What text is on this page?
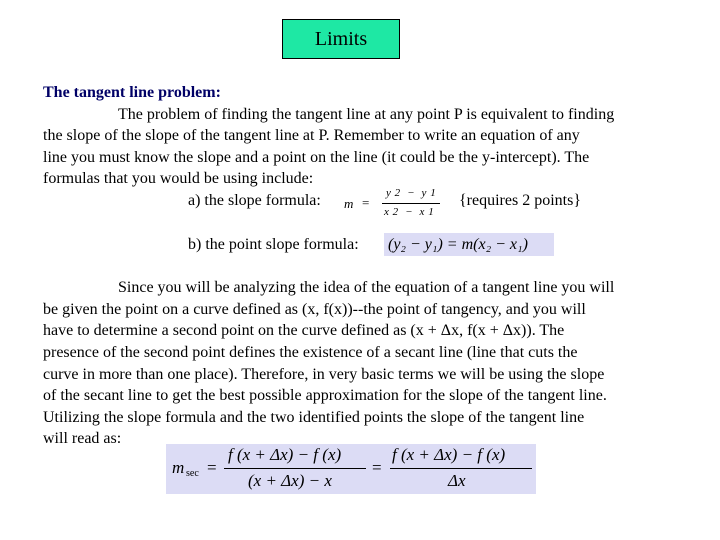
Limits
The tangent line problem:
The problem of finding the tangent line at any point P is equivalent to finding
the slope of the slope of the tangent line at P. Remember to write an equation of any
line you must know the slope and a point on the line (it could be the y-intercept). The
formulas that you would be using include:
a) the slope formula: m =
y 2  −  y 1
x 2  −  x 1
{requires 2 points}
b) the point slope formula: (y₂ − y₁) = m(x₂ − x₁)
Since you will be analyzing the idea of the equation of a tangent line you will
be given the point on a curve defined as (x, f(x))--the point of tangency, and you will
have to determine a second point on the curve defined as (x + Δx, f(x + Δx)). The
presence of the second point defines the existence of a secant line (line that cuts the
curve in more than one place). Therefore, in very basic terms we will be using the slope
of the secant line to get the best possible approximation for the slope of the tangent line.
Utilizing the slope formula and the two identified points the slope of the tangent line
will read as:
m sec =
f (x + Δx) − f (x)
(x + Δx) − x
=
f (x + Δx) − f (x)
Δx
